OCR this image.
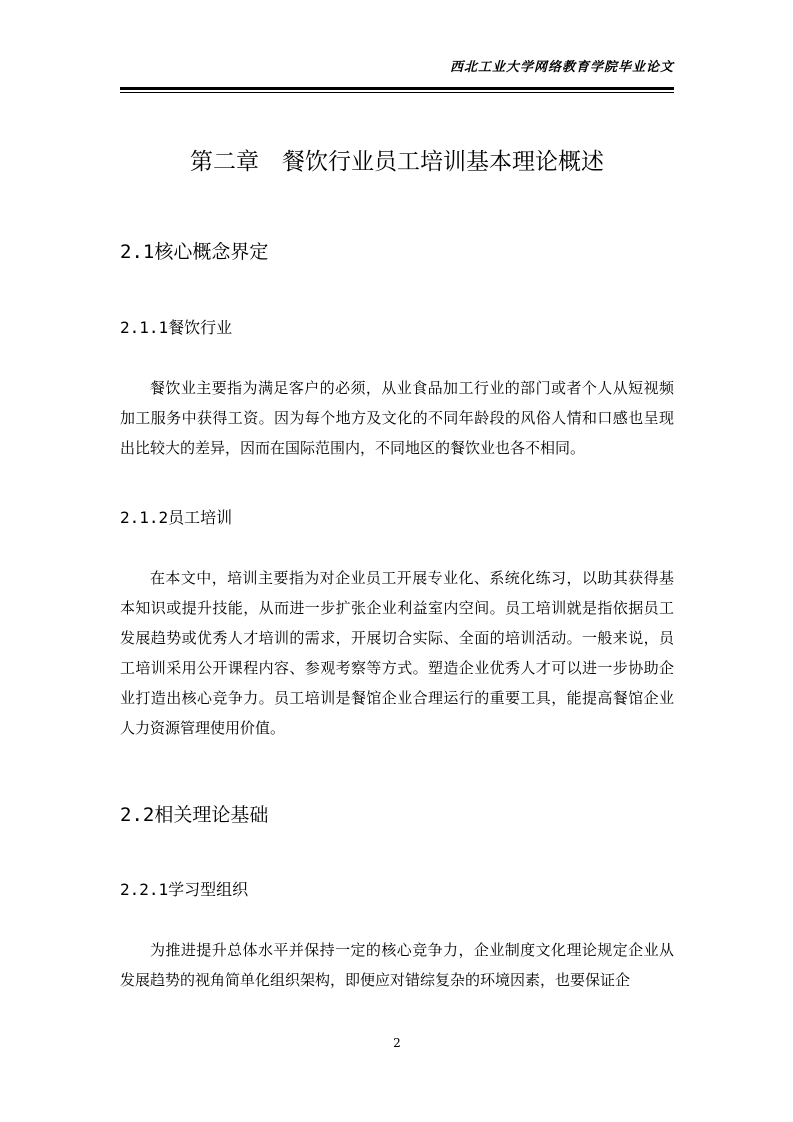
西北工业大学网络教育学院毕业论文
第二章　餐饮行业员工培训基本理论概述
2.1核心概念界定
2.1.1餐饮行业

餐饮业主要指为满足客户的必须，从业食品加工行业的部门或者个人从短视频加工服务中获得工资。因为每个地方及文化的不同年龄段的风俗人情和口感也呈现出比较大的差异，因而在国际范围内，不同地区的餐饮业也各不相同。

2.1.2员工培训

在本文中，培训主要指为对企业员工开展专业化、系统化练习，以助其获得基本知识或提升技能，从而进一步扩张企业利益室内空间。员工培训就是指依据员工发展趋势或优秀人才培训的需求，开展切合实际、全面的培训活动。一般来说，员工培训采用公开课程内容、参观考察等方式。塑造企业优秀人才可以进一步协助企业打造出核心竞争力。员工培训是餐馆企业合理运行的重要工具，能提高餐馆企业人力资源管理使用价值。

2.2相关理论基础
2.2.1学习型组织

为推进提升总体水平并保持一定的核心竞争力，企业制度文化理论规定企业从发展趋势的视角简单化组织架构，即便应对错综复杂的环境因素，也要保证企

2
